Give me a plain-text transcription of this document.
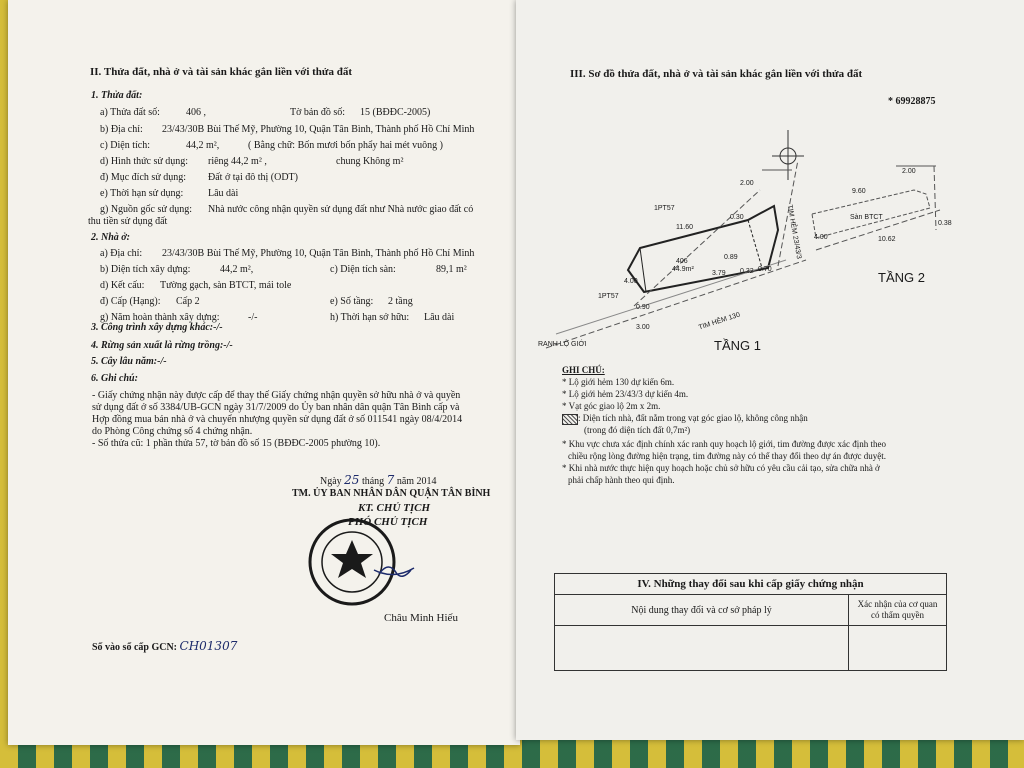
II. Thửa đất, nhà ở và tài sản khác gắn liền với thửa đất
1. Thửa đất:
a) Thửa đất số:	406 ,	Tờ bản đồ số: 15 (BĐĐC-2005)
b) Địa chỉ: 23/43/30B Bùi Thế Mỹ, Phường 10, Quận Tân Bình, Thành phố Hồ Chí Minh
c) Diện tích:	44,2 m²,	( Bằng chữ: Bốn mươi bốn phẩy hai mét vuông )
d) Hình thức sử dụng: riêng 44,2 m² ,	chung Không m²
đ) Mục đích sử dụng: Đất ở tại đô thị (ODT)
e) Thời hạn sử dụng: Lâu dài
g) Nguồn gốc sử dụng: Nhà nước công nhận quyền sử dụng đất như Nhà nước giao đất có
thu tiền sử dụng đất
2. Nhà ở:
a) Địa chỉ: 23/43/30B Bùi Thế Mỹ, Phường 10, Quận Tân Bình, Thành phố Hồ Chí Minh
b) Diện tích xây dựng:	44,2 m²,	c) Diện tích sàn:	89,1 m²
d) Kết cấu: Tường gạch, sàn BTCT, mái tole
đ) Cấp (Hạng): Cấp 2	e) Số tầng: 2 tầng
g) Năm hoàn thành xây dựng:	-/-	h) Thời hạn sở hữu: Lâu dài
3. Công trình xây dựng khác:-/-
4. Rừng sản xuất là rừng trồng:-/-
5. Cây lâu năm:-/-
6. Ghi chú:
- Giấy chứng nhận này được cấp để thay thế Giấy chứng nhận quyền sở hữu nhà ở và quyền
sử dụng đất ở số 3384/UB-GCN ngày 31/7/2009 do Ủy ban nhân dân quận Tân Bình cấp và
Hợp đồng mua bán nhà ở và chuyển nhượng quyền sử dụng đất ở số 011541 ngày 08/4/2014
do Phòng Công chứng số 4 chứng nhận.
- Số thửa cũ: 1 phần thửa 57, tờ bản đồ số 15 (BĐĐC-2005 phường 10).
Ngày 25 tháng 7 năm 2014
TM. ỦY BAN NHÂN DÂN QUẬN TÂN BÌNH
KT. CHỦ TỊCH
PHÓ CHỦ TỊCH
Châu Minh Hiếu
Số vào sổ cấp GCN: CH01307
III. Sơ đồ thửa đất, nhà ở và tài sản khác gắn liền với thửa đất
* 69928875
1PT57
1PT57
RANH LỘ GIỚI
TIM HẺM 130
TIM HẺM 23/43/3
406
44.9m²
Sàn BTCT
11.60
2.00
2.00
4.00
4.00
3.79
0.89
0.30
3.00
9.60
10.62
0.32 0.70
0.90
0.38
TẦNG 1
TẦNG 2
GHI CHÚ:
* Lộ giới hẻm 130 dự kiến 6m.
* Lộ giới hẻm 23/43/3 dự kiến 4m.
* Vạt góc giao lộ 2m x 2m.
: Diện tích nhà, đất nằm trong vạt góc giao lộ, không công nhận
(trong đó diện tích đất 0,7m²)
* Khu vực chưa xác định chính xác ranh quy hoạch lộ giới, tim đường được xác định theo
chiều rộng lòng đường hiện trạng, tim đường này có thể thay đổi theo dự án được duyệt.
* Khi nhà nước thực hiện quy hoạch hoặc chủ sở hữu có yêu cầu cải tạo, sửa chữa nhà ở
phải chấp hành theo qui định.
IV. Những thay đổi sau khi cấp giấy chứng nhận	
Nội dung thay đổi và cơ sở pháp lý	Xác nhận của cơ quan
có thẩm quyền
